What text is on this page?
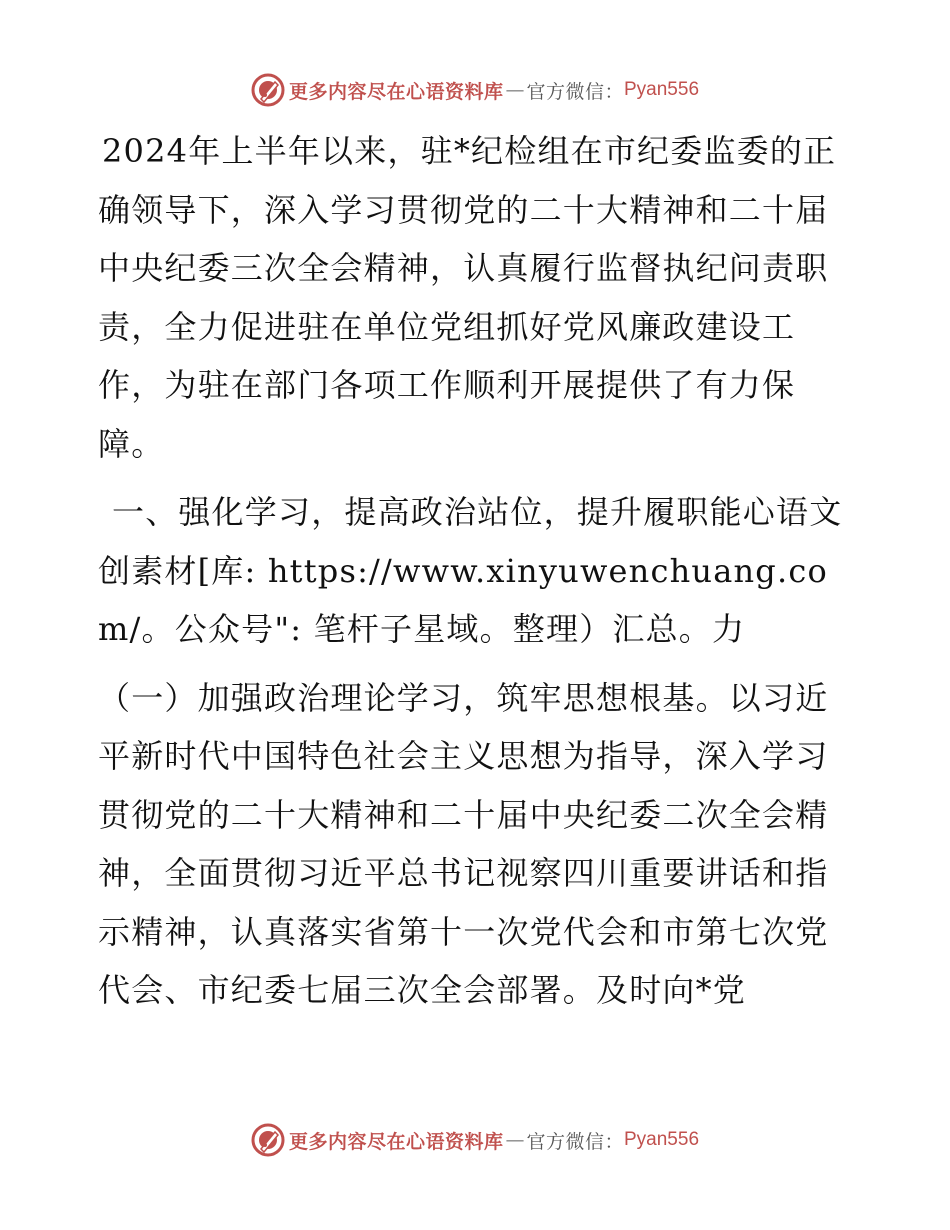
更多内容尽在心语资料库 — 官方微信： Pyan556

2024年上半年以来，驻*纪检组在市纪委监委的正确领导下，深入学习贯彻党的二十大精神和二十届中央纪委三次全会精神，认真履行监督执纪问责职责，全力促进驻在单位党组抓好党风廉政建设工作，为驻在部门各项工作顺利开展提供了有力保障。

一、强化学习，提高政治站位，提升履职能心语文创素材[库: https://www.xinyuwenchuang.com/。公众号": 笔杆子星域。整理）汇总。力

（一）加强政治理论学习，筑牢思想根基。以习近平新时代中国特色社会主义思想为指导，深入学习贯彻党的二十大精神和二十届中央纪委二次全会精神，全面贯彻习近平总书记视察四川重要讲话和指示精神，认真落实省第十一次党代会和市第七次党代会、市纪委七届三次全会部署。及时向*党

更多内容尽在心语资料库 — 官方微信： Pyan556
